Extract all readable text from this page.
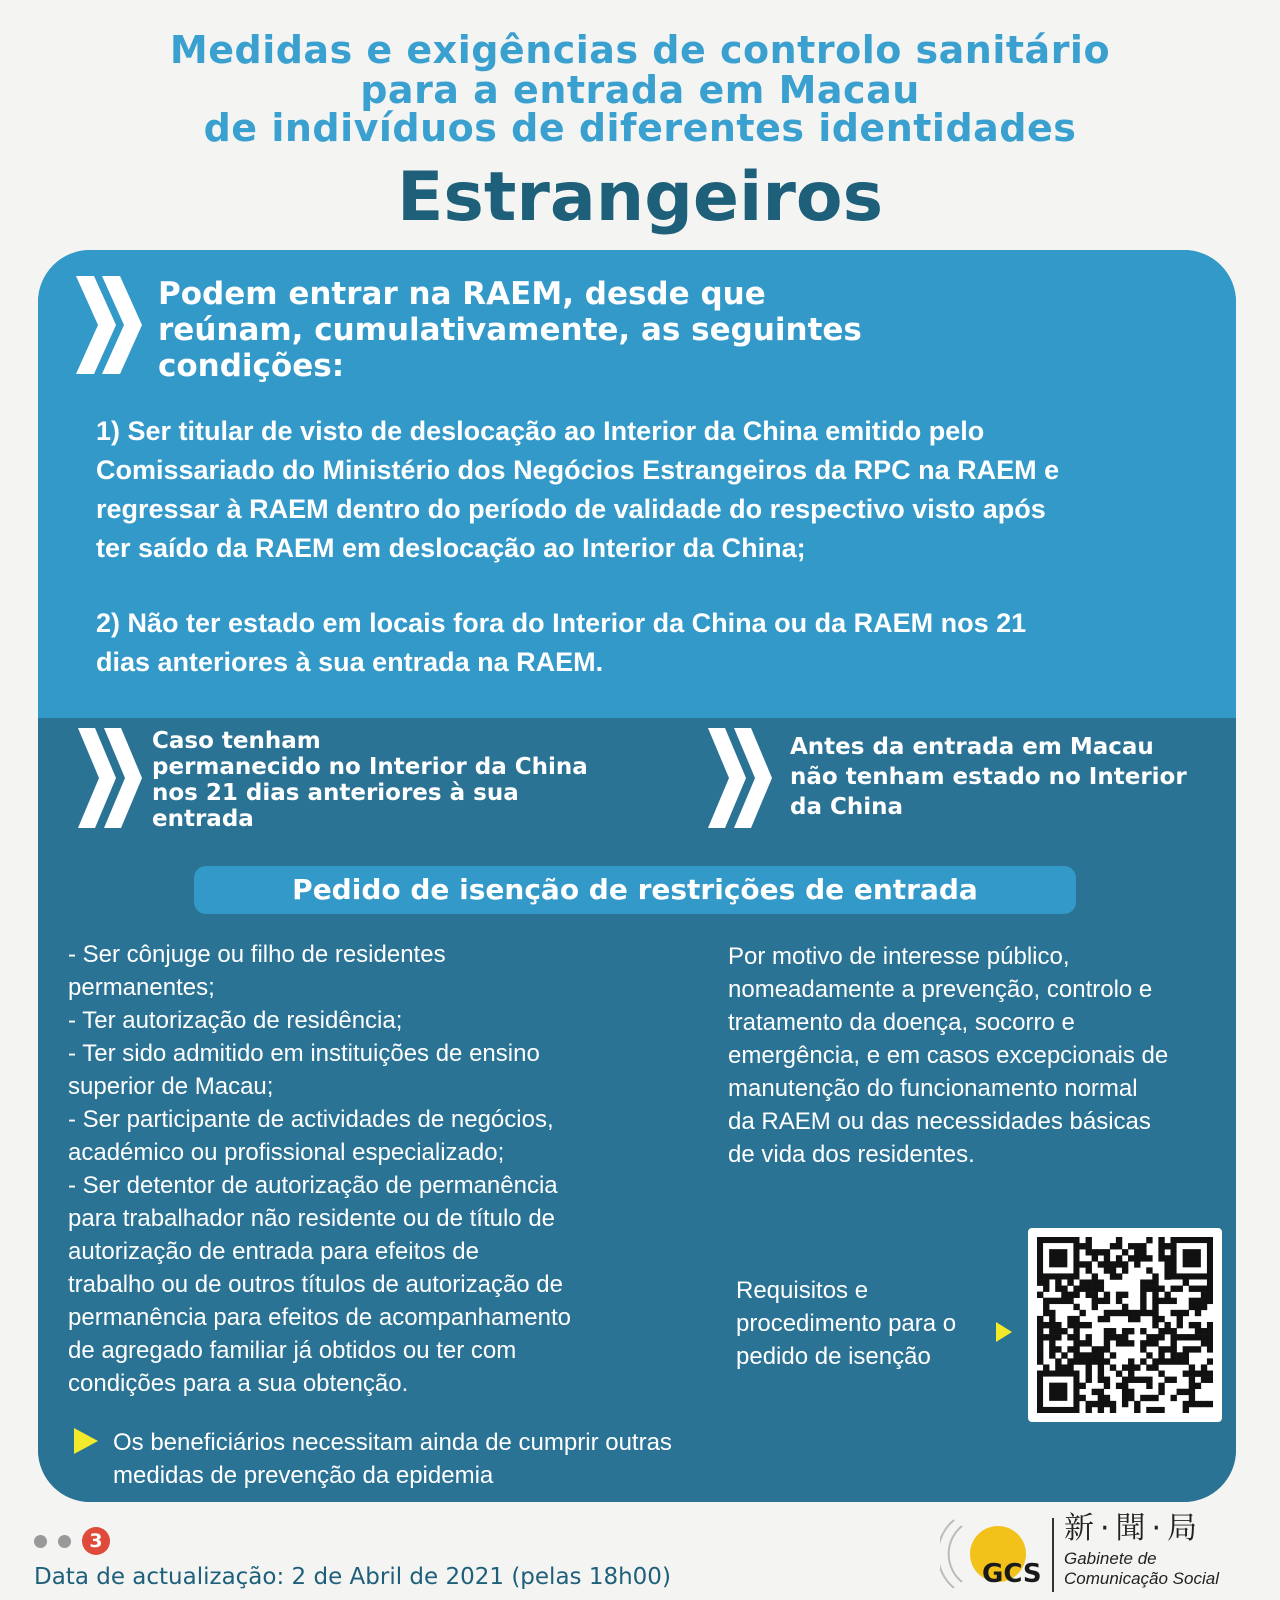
Medidas e exigências de controlo sanitário
para a entrada em Macau
de indivíduos de diferentes identidades
Estrangeiros
Podem entrar na RAEM, desde que
reúnam, cumulativamente, as seguintes
condições:
1) Ser titular de visto de deslocação ao Interior da China emitido pelo
Comissariado do Ministério dos Negócios Estrangeiros da RPC na RAEM e
regressar à RAEM dentro do período de validade do respectivo visto após
ter saído da RAEM em deslocação ao Interior da China;
2) Não ter estado em locais fora do Interior da China ou da RAEM nos 21
dias anteriores à sua entrada na RAEM.
Caso tenham
permanecido no Interior da China
nos 21 dias anteriores à sua
entrada
Antes da entrada em Macau
não tenham estado no Interior
da China
Pedido de isenção de restrições de entrada
- Ser cônjuge ou filho de residentes
permanentes;
- Ter autorização de residência;
- Ter sido admitido em instituições de ensino
superior de Macau;
- Ser participante de actividades de negócios,
académico ou profissional especializado;
- Ser detentor de autorização de permanência
para trabalhador não residente ou de título de
autorização de entrada para efeitos de
trabalho ou de outros títulos de autorização de
permanência para efeitos de acompanhamento
de agregado familiar já obtidos ou ter com
condições para a sua obtenção.
Por motivo de interesse público,
nomeadamente a prevenção, controlo e
tratamento da doença, socorro e
emergência, e em casos excepcionais de
manutenção do funcionamento normal
da RAEM ou das necessidades básicas
de vida dos residentes.
Requisitos e
procedimento para o
pedido de isenção
Os beneficiários necessitam ainda de cumprir outras
medidas de prevenção da epidemia
3
Data de actualização: 2 de Abril de 2021 (pelas 18h00)	GCS
新·聞·局
Gabinete de
Comunicação Social
